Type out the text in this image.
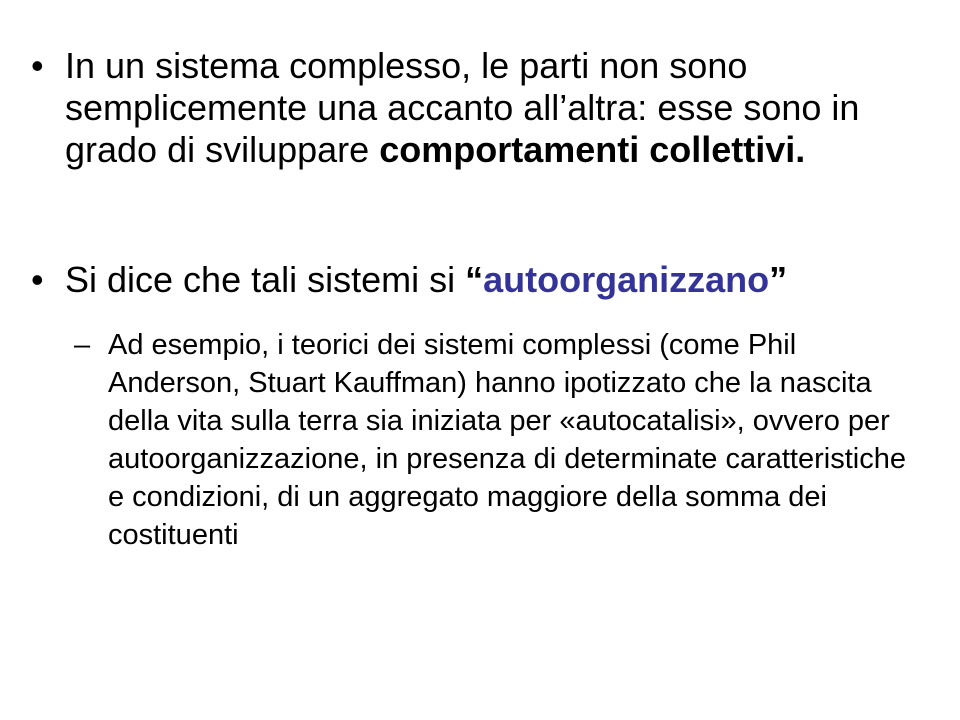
• In un sistema complesso, le parti non sono semplicemente una accanto all’altra: esse sono in grado di sviluppare comportamenti collettivi.
• Si dice che tali sistemi si “autoorganizzano”
– Ad esempio, i teorici dei sistemi complessi (come Phil Anderson, Stuart Kauffman) hanno ipotizzato che la nascita della vita sulla terra sia iniziata per «autocatalisi», ovvero per autoorganizzazione, in presenza di determinate caratteristiche e condizioni, di un aggregato maggiore della somma dei costituenti
